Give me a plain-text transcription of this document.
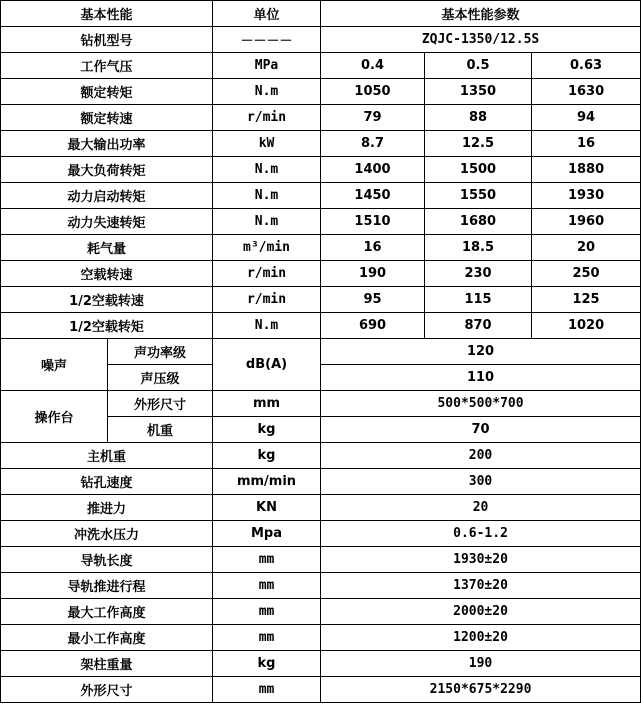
基本性能		单位	基本性能参数		
钻机型号		－－－－	ZQJC-1350/12.5S		
工作气压		MPa	0.4	0.5	0.63
额定转矩		N.m	1050	1350	1630
额定转速		r/min	79	88	94
最大输出功率		kW	8.7	12.5	16
最大负荷转矩		N.m	1400	1500	1880
动力启动转矩		N.m	1450	1550	1930
动力失速转矩		N.m	1510	1680	1960
耗气量		m³/min	16	18.5	20
空载转速		r/min	190	230	250
1/2空载转速		r/min	95	115	125
1/2空载转矩		N.m	690	870	1020
噪声	声功率级	dB(A)	120		
	声压级		110		
操作台	外形尺寸	mm	500*500*700		
	机重	kg	70		
主机重		kg	200		
钻孔速度		mm/min	300		
推进力		KN	20		
冲洗水压力		Mpa	0.6-1.2		
导轨长度		mm	1930±20		
导轨推进行程		mm	1370±20		
最大工作高度		mm	2000±20		
最小工作高度		mm	1200±20		
架柱重量		kg	190		
外形尺寸		mm	2150*675*2290		
